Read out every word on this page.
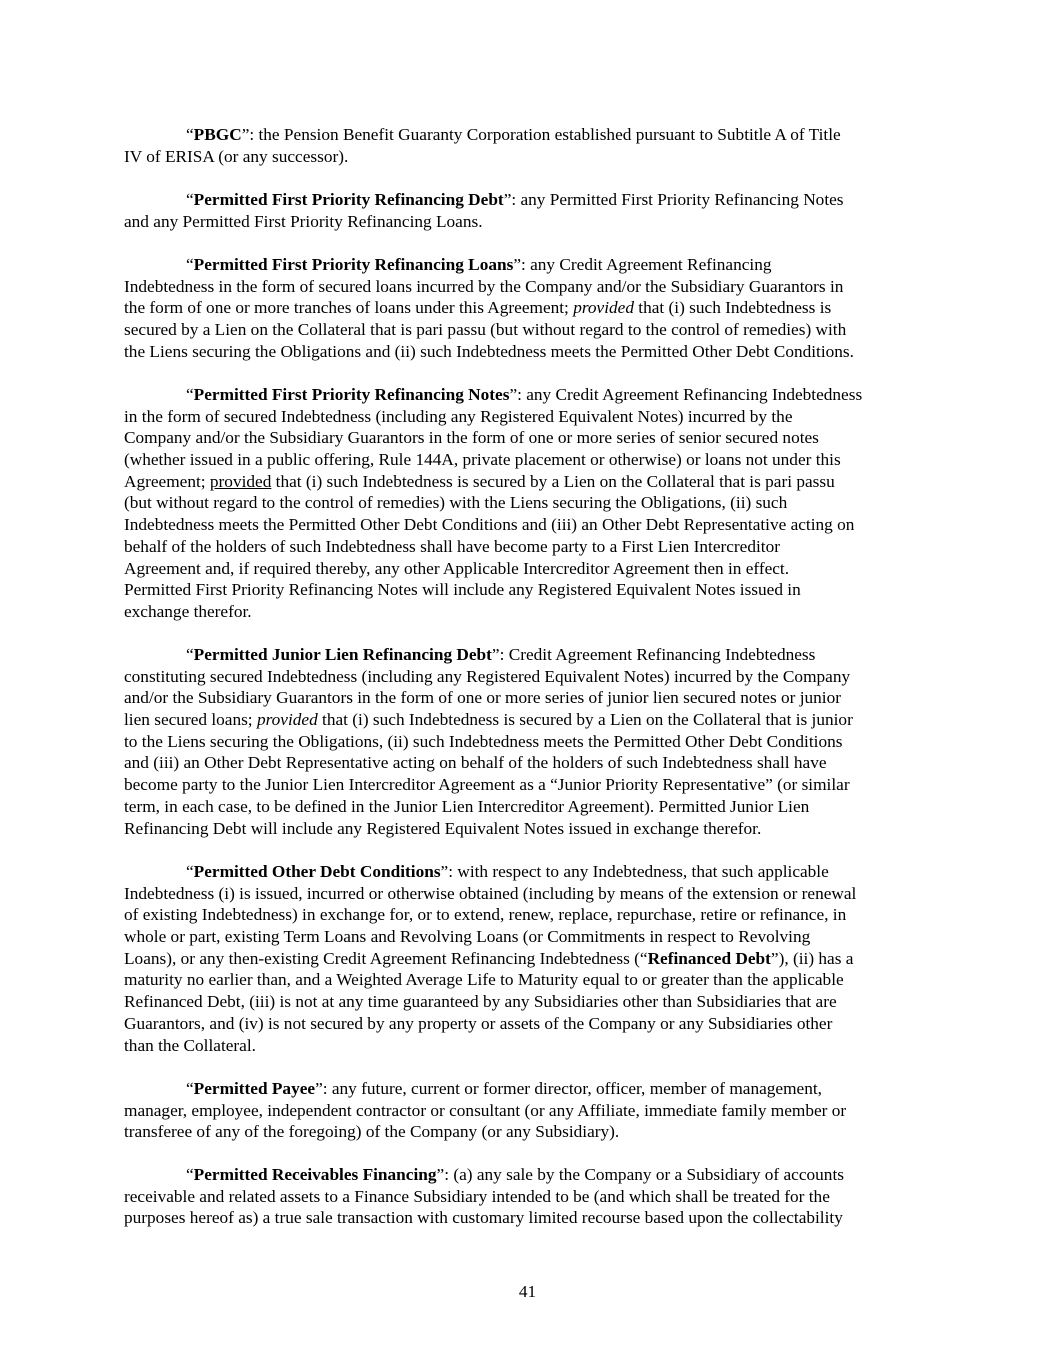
“PBGC”: the Pension Benefit Guaranty Corporation established pursuant to Subtitle A of Title
IV of ERISA (or any successor).
“Permitted First Priority Refinancing Debt”: any Permitted First Priority Refinancing Notes
and any Permitted First Priority Refinancing Loans.
“Permitted First Priority Refinancing Loans”: any Credit Agreement Refinancing
Indebtedness in the form of secured loans incurred by the Company and/or the Subsidiary Guarantors in
the form of one or more tranches of loans under this Agreement; provided that (i) such Indebtedness is
secured by a Lien on the Collateral that is pari passu (but without regard to the control of remedies) with
the Liens securing the Obligations and (ii) such Indebtedness meets the Permitted Other Debt Conditions.
“Permitted First Priority Refinancing Notes”: any Credit Agreement Refinancing Indebtedness
in the form of secured Indebtedness (including any Registered Equivalent Notes) incurred by the
Company and/or the Subsidiary Guarantors in the form of one or more series of senior secured notes
(whether issued in a public offering, Rule 144A, private placement or otherwise) or loans not under this
Agreement; provided that (i) such Indebtedness is secured by a Lien on the Collateral that is pari passu
(but without regard to the control of remedies) with the Liens securing the Obligations, (ii) such
Indebtedness meets the Permitted Other Debt Conditions and (iii) an Other Debt Representative acting on
behalf of the holders of such Indebtedness shall have become party to a First Lien Intercreditor
Agreement and, if required thereby, any other Applicable Intercreditor Agreement then in effect.
Permitted First Priority Refinancing Notes will include any Registered Equivalent Notes issued in
exchange therefor.
“Permitted Junior Lien Refinancing Debt”: Credit Agreement Refinancing Indebtedness
constituting secured Indebtedness (including any Registered Equivalent Notes) incurred by the Company
and/or the Subsidiary Guarantors in the form of one or more series of junior lien secured notes or junior
lien secured loans; provided that (i) such Indebtedness is secured by a Lien on the Collateral that is junior
to the Liens securing the Obligations, (ii) such Indebtedness meets the Permitted Other Debt Conditions
and (iii) an Other Debt Representative acting on behalf of the holders of such Indebtedness shall have
become party to the Junior Lien Intercreditor Agreement as a “Junior Priority Representative” (or similar
term, in each case, to be defined in the Junior Lien Intercreditor Agreement). Permitted Junior Lien
Refinancing Debt will include any Registered Equivalent Notes issued in exchange therefor.
“Permitted Other Debt Conditions”: with respect to any Indebtedness, that such applicable
Indebtedness (i) is issued, incurred or otherwise obtained (including by means of the extension or renewal
of existing Indebtedness) in exchange for, or to extend, renew, replace, repurchase, retire or refinance, in
whole or part, existing Term Loans and Revolving Loans (or Commitments in respect to Revolving
Loans), or any then-existing Credit Agreement Refinancing Indebtedness (“Refinanced Debt”), (ii) has a
maturity no earlier than, and a Weighted Average Life to Maturity equal to or greater than the applicable
Refinanced Debt, (iii) is not at any time guaranteed by any Subsidiaries other than Subsidiaries that are
Guarantors, and (iv) is not secured by any property or assets of the Company or any Subsidiaries other
than the Collateral.
“Permitted Payee”: any future, current or former director, officer, member of management,
manager, employee, independent contractor or consultant (or any Affiliate, immediate family member or
transferee of any of the foregoing) of the Company (or any Subsidiary).
“Permitted Receivables Financing”: (a) any sale by the Company or a Subsidiary of accounts
receivable and related assets to a Finance Subsidiary intended to be (and which shall be treated for the
purposes hereof as) a true sale transaction with customary limited recourse based upon the collectability
41
